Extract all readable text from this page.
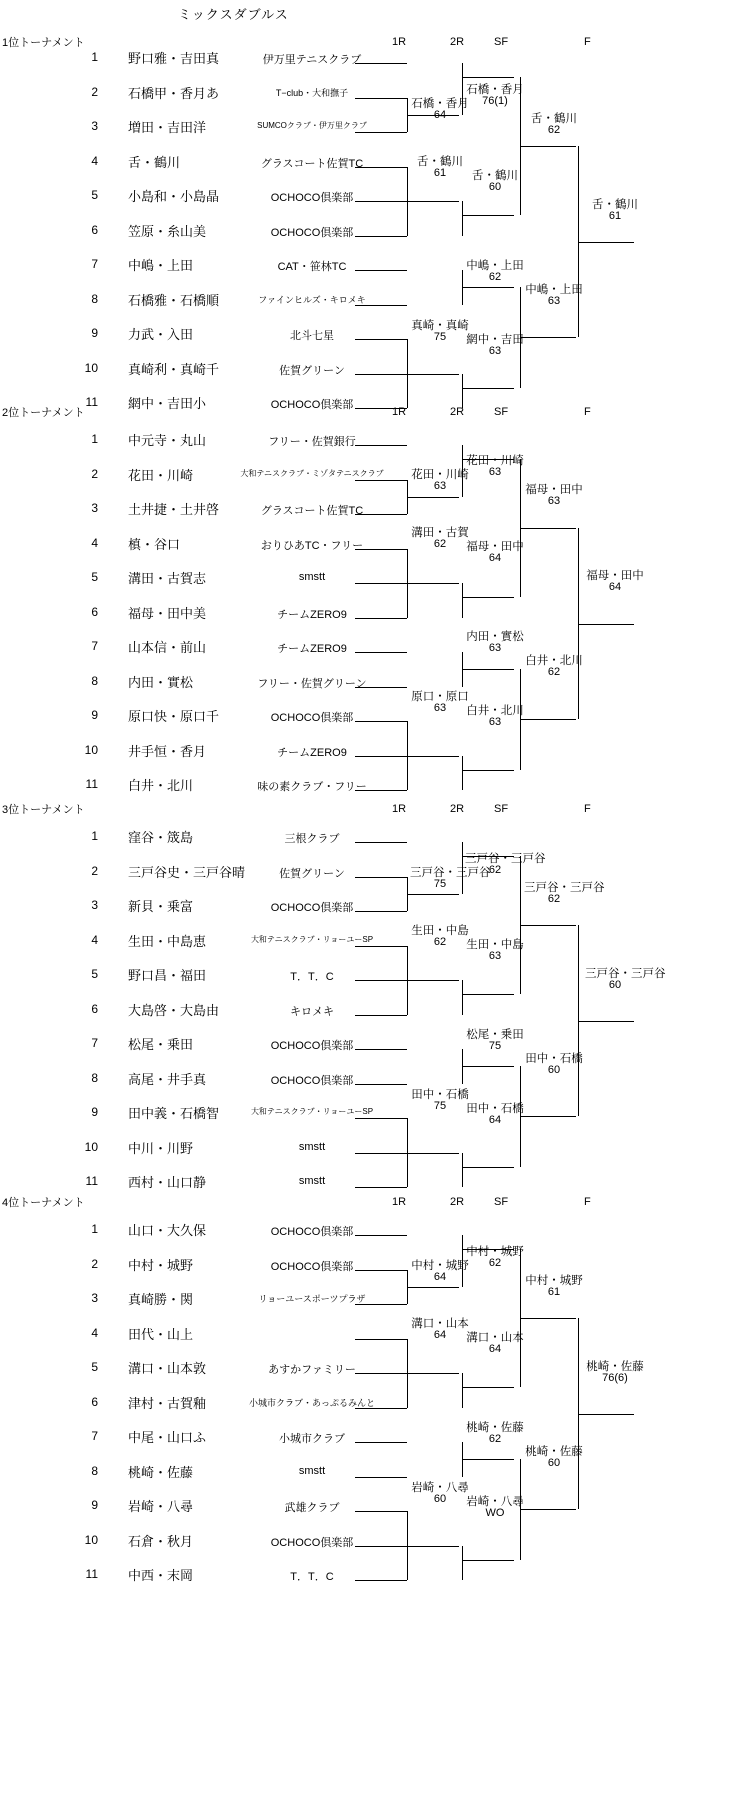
ミックスダブルス
1位トーナメント	1R	2R	SF	F
1 野口雅・吉田真	伊万里テニスクラブ
2 石橋甲・香月あ	T−club・大和撫子
3 増田・吉田洋	SUMCOクラブ・伊万里クラブ
4 舌・鶴川	グラスコート佐賀TC
5 小島和・小島晶	OCHOCO倶楽部
6 笠原・糸山美	OCHOCO倶楽部
7 中嶋・上田	CAT・笹林TC
8 石橋雅・石橋順	ファインヒルズ・キロメキ
9 力武・入田	北斗七星
10 真崎利・真崎千	佐賀グリーン
11 網中・吉田小	OCHOCO倶楽部
石橋・香月
64
舌・鶴川
61
中嶋・上田
62
真崎・真崎
75
石橋・香月
76(1)
舌・鶴川
60
網中・吉田
63
舌・鶴川
62
中嶋・上田
63
舌・鶴川
61
2位トーナメント	1R	2R	SF	F
1 中元寺・丸山	フリー・佐賀銀行
2 花田・川崎	大和テニスクラブ・ミゾタテニスクラブ
3 土井捷・土井啓	グラスコート佐賀TC
4 槙・谷口	おりひあTC・フリー
5 溝田・古賀志	smstt
6 福母・田中美	チームZERO9
7 山本信・前山	チームZERO9
8 内田・實松	フリー・佐賀グリーン
9 原口快・原口千	OCHOCO倶楽部
10 井手恒・香月	チームZERO9
11 白井・北川	味の素クラブ・フリー
花田・川崎
63
溝田・古賀
62
内田・實松
63
原口・原口
63
花田・川崎
63
福母・田中
64
白井・北川
63
福母・田中
63
白井・北川
62
福母・田中
64
3位トーナメント	1R	2R	SF	F
1 窪谷・筬島	三根クラブ
2 三戸谷史・三戸谷晴	佐賀グリーン
3 新貝・乗富	OCHOCO倶楽部
4 生田・中島恵	大和テニスクラブ・リョーユーSP
5 野口昌・福田	T．T．C
6 大島啓・大島由	キロメキ
7 松尾・乗田	OCHOCO倶楽部
8 高尾・井手真	OCHOCO倶楽部
9 田中義・石橋智	大和テニスクラブ・リョーユーSP
10 中川・川野	smstt
11 西村・山口静	smstt
三戸谷・三戸谷
75
生田・中島
62
松尾・乗田
75
田中・石橋
75
三戸谷・三戸谷
62
生田・中島
63
田中・石橋
64
三戸谷・三戸谷
62
田中・石橋
60
三戸谷・三戸谷
60
4位トーナメント	1R	2R	SF	F
1 山口・大久保	OCHOCO倶楽部
2 中村・城野	OCHOCO倶楽部
3 真崎勝・関	リョーユースポーツプラザ
4 田代・山上
5 溝口・山本敦	あすかファミリー
6 津村・古賀釉	小城市クラブ・あっぷるみんと
7 中尾・山口ふ	小城市クラブ
8 桃崎・佐藤	smstt
9 岩崎・八尋	武雄クラブ
10 石倉・秋月	OCHOCO倶楽部
11 中西・末岡	T．T．C
中村・城野
64
溝口・山本
64
桃崎・佐藤
62
岩崎・八尋
60
中村・城野
62
溝口・山本
64
岩崎・八尋
WO
中村・城野
61
桃崎・佐藤
60
桃崎・佐藤
76(6)
